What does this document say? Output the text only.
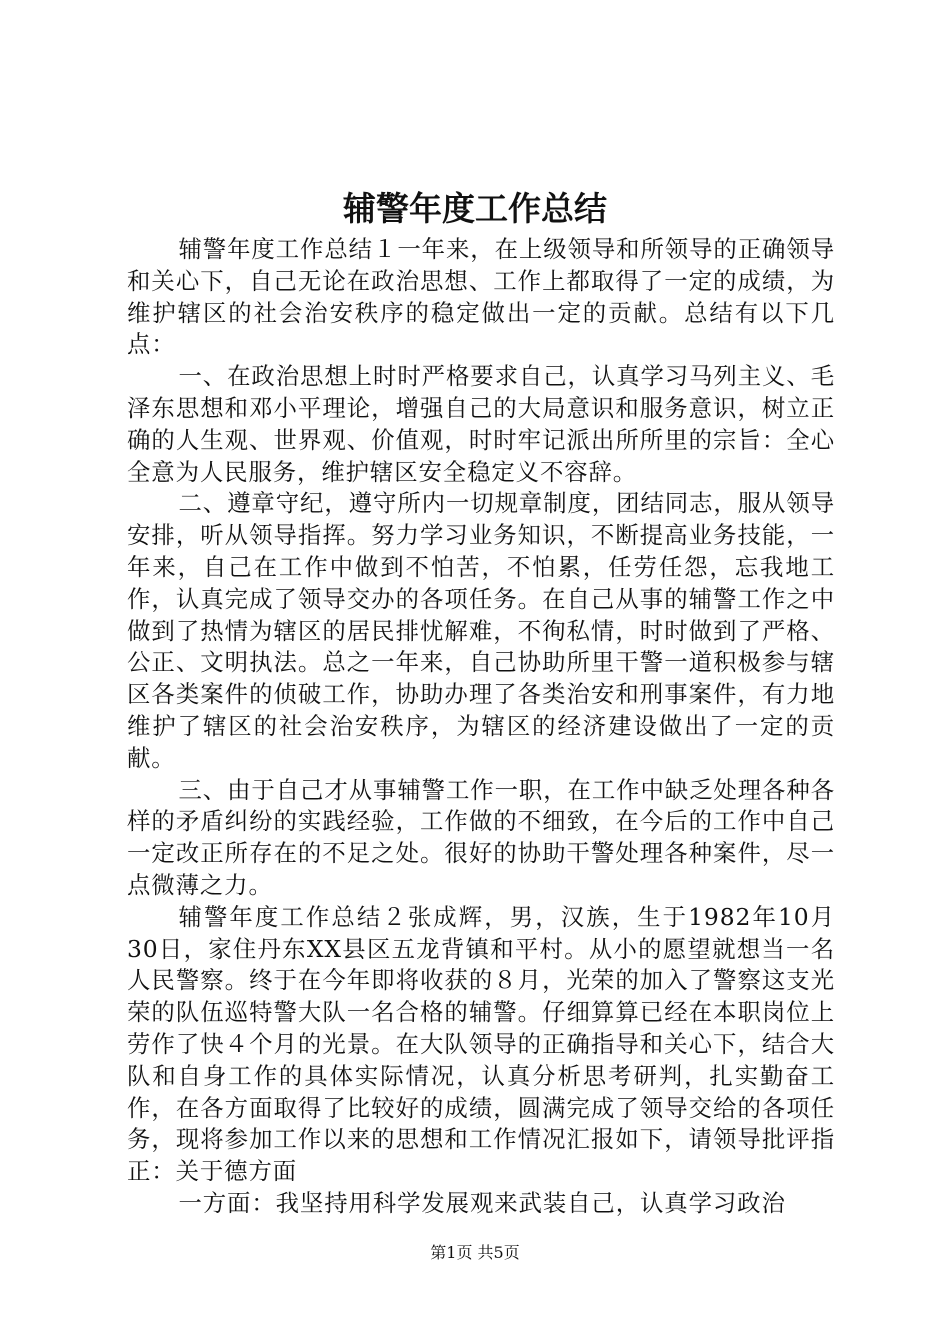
辅警年度工作总结

辅警年度工作总结１一年来，在上级领导和所领导的正确领导和关心下，自己无论在政治思想、工作上都取得了一定的成绩，为维护辖区的社会治安秩序的稳定做出一定的贡献。总结有以下几点：

一、在政治思想上时时严格要求自己，认真学习马列主义、毛泽东思想和邓小平理论，增强自己的大局意识和服务意识，树立正确的人生观、世界观、价值观，时时牢记派出所所里的宗旨：全心全意为人民服务，维护辖区安全稳定义不容辞。

二、遵章守纪，遵守所内一切规章制度，团结同志，服从领导安排，听从领导指挥。努力学习业务知识，不断提高业务技能，一年来，自己在工作中做到不怕苦，不怕累，任劳任怨，忘我地工作，认真完成了领导交办的各项任务。在自己从事的辅警工作之中做到了热情为辖区的居民排忧解难，不徇私情，时时做到了严格、公正、文明执法。总之一年来，自己协助所里干警一道积极参与辖区各类案件的侦破工作，协助办理了各类治安和刑事案件，有力地维护了辖区的社会治安秩序，为辖区的经济建设做出了一定的贡献。

三、由于自己才从事辅警工作一职，在工作中缺乏处理各种各样的矛盾纠纷的实践经验，工作做的不细致，在今后的工作中自己一定改正所存在的不足之处。很好的协助干警处理各种案件，尽一点微薄之力。

辅警年度工作总结２张成辉，男，汉族，生于1982年10月30日，家住丹东XX县区五龙背镇和平村。从小的愿望就想当一名人民警察。终于在今年即将收获的８月，光荣的加入了警察这支光荣的队伍巡特警大队一名合格的辅警。仔细算算已经在本职岗位上劳作了快４个月的光景。在大队领导的正确指导和关心下，结合大队和自身工作的具体实际情况，认真分析思考研判，扎实勤奋工作，在各方面取得了比较好的成绩，圆满完成了领导交给的各项任务，现将参加工作以来的思想和工作情况汇报如下，请领导批评指正：关于德方面

一方面：我坚持用科学发展观来武装自己，认真学习政治

第1页 共5页
